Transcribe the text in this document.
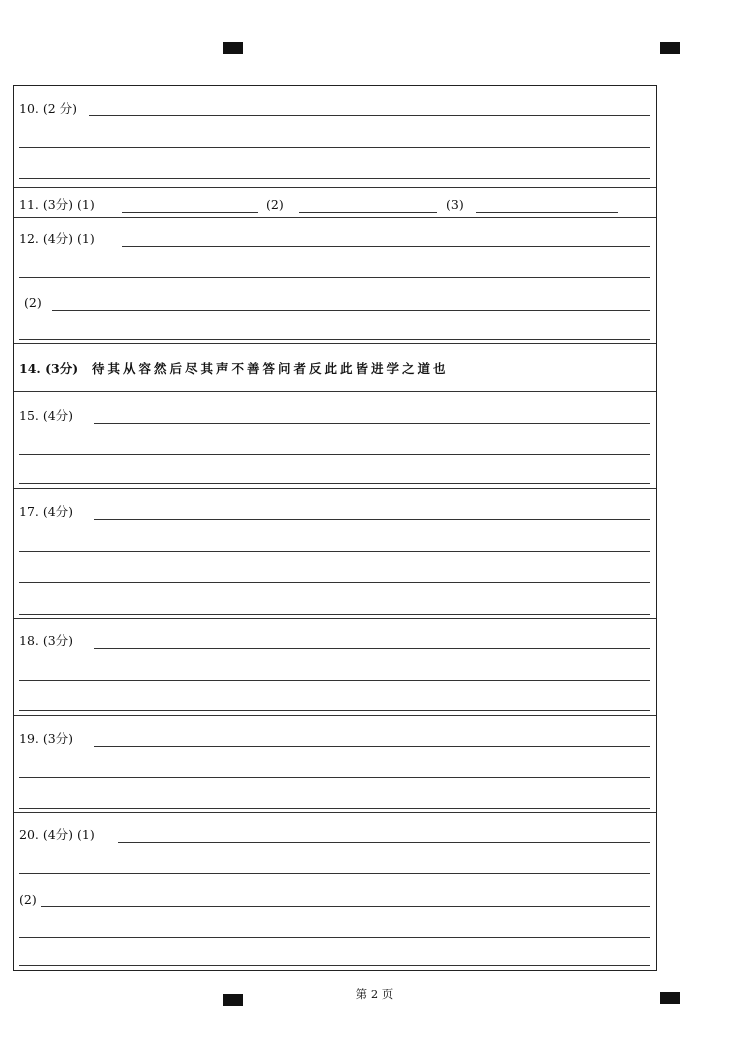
10. (2 分)
11. (3分) (1)	(2)	(3)
12. (4分) (1)
(2)
14. (3分) 待其从容然后尽其声不善答问者反此此皆进学之道也
15. (4分)
17. (4分)
18. (3分)
19. (3分)
20. (4分) (1)
(2)
第 2 页
